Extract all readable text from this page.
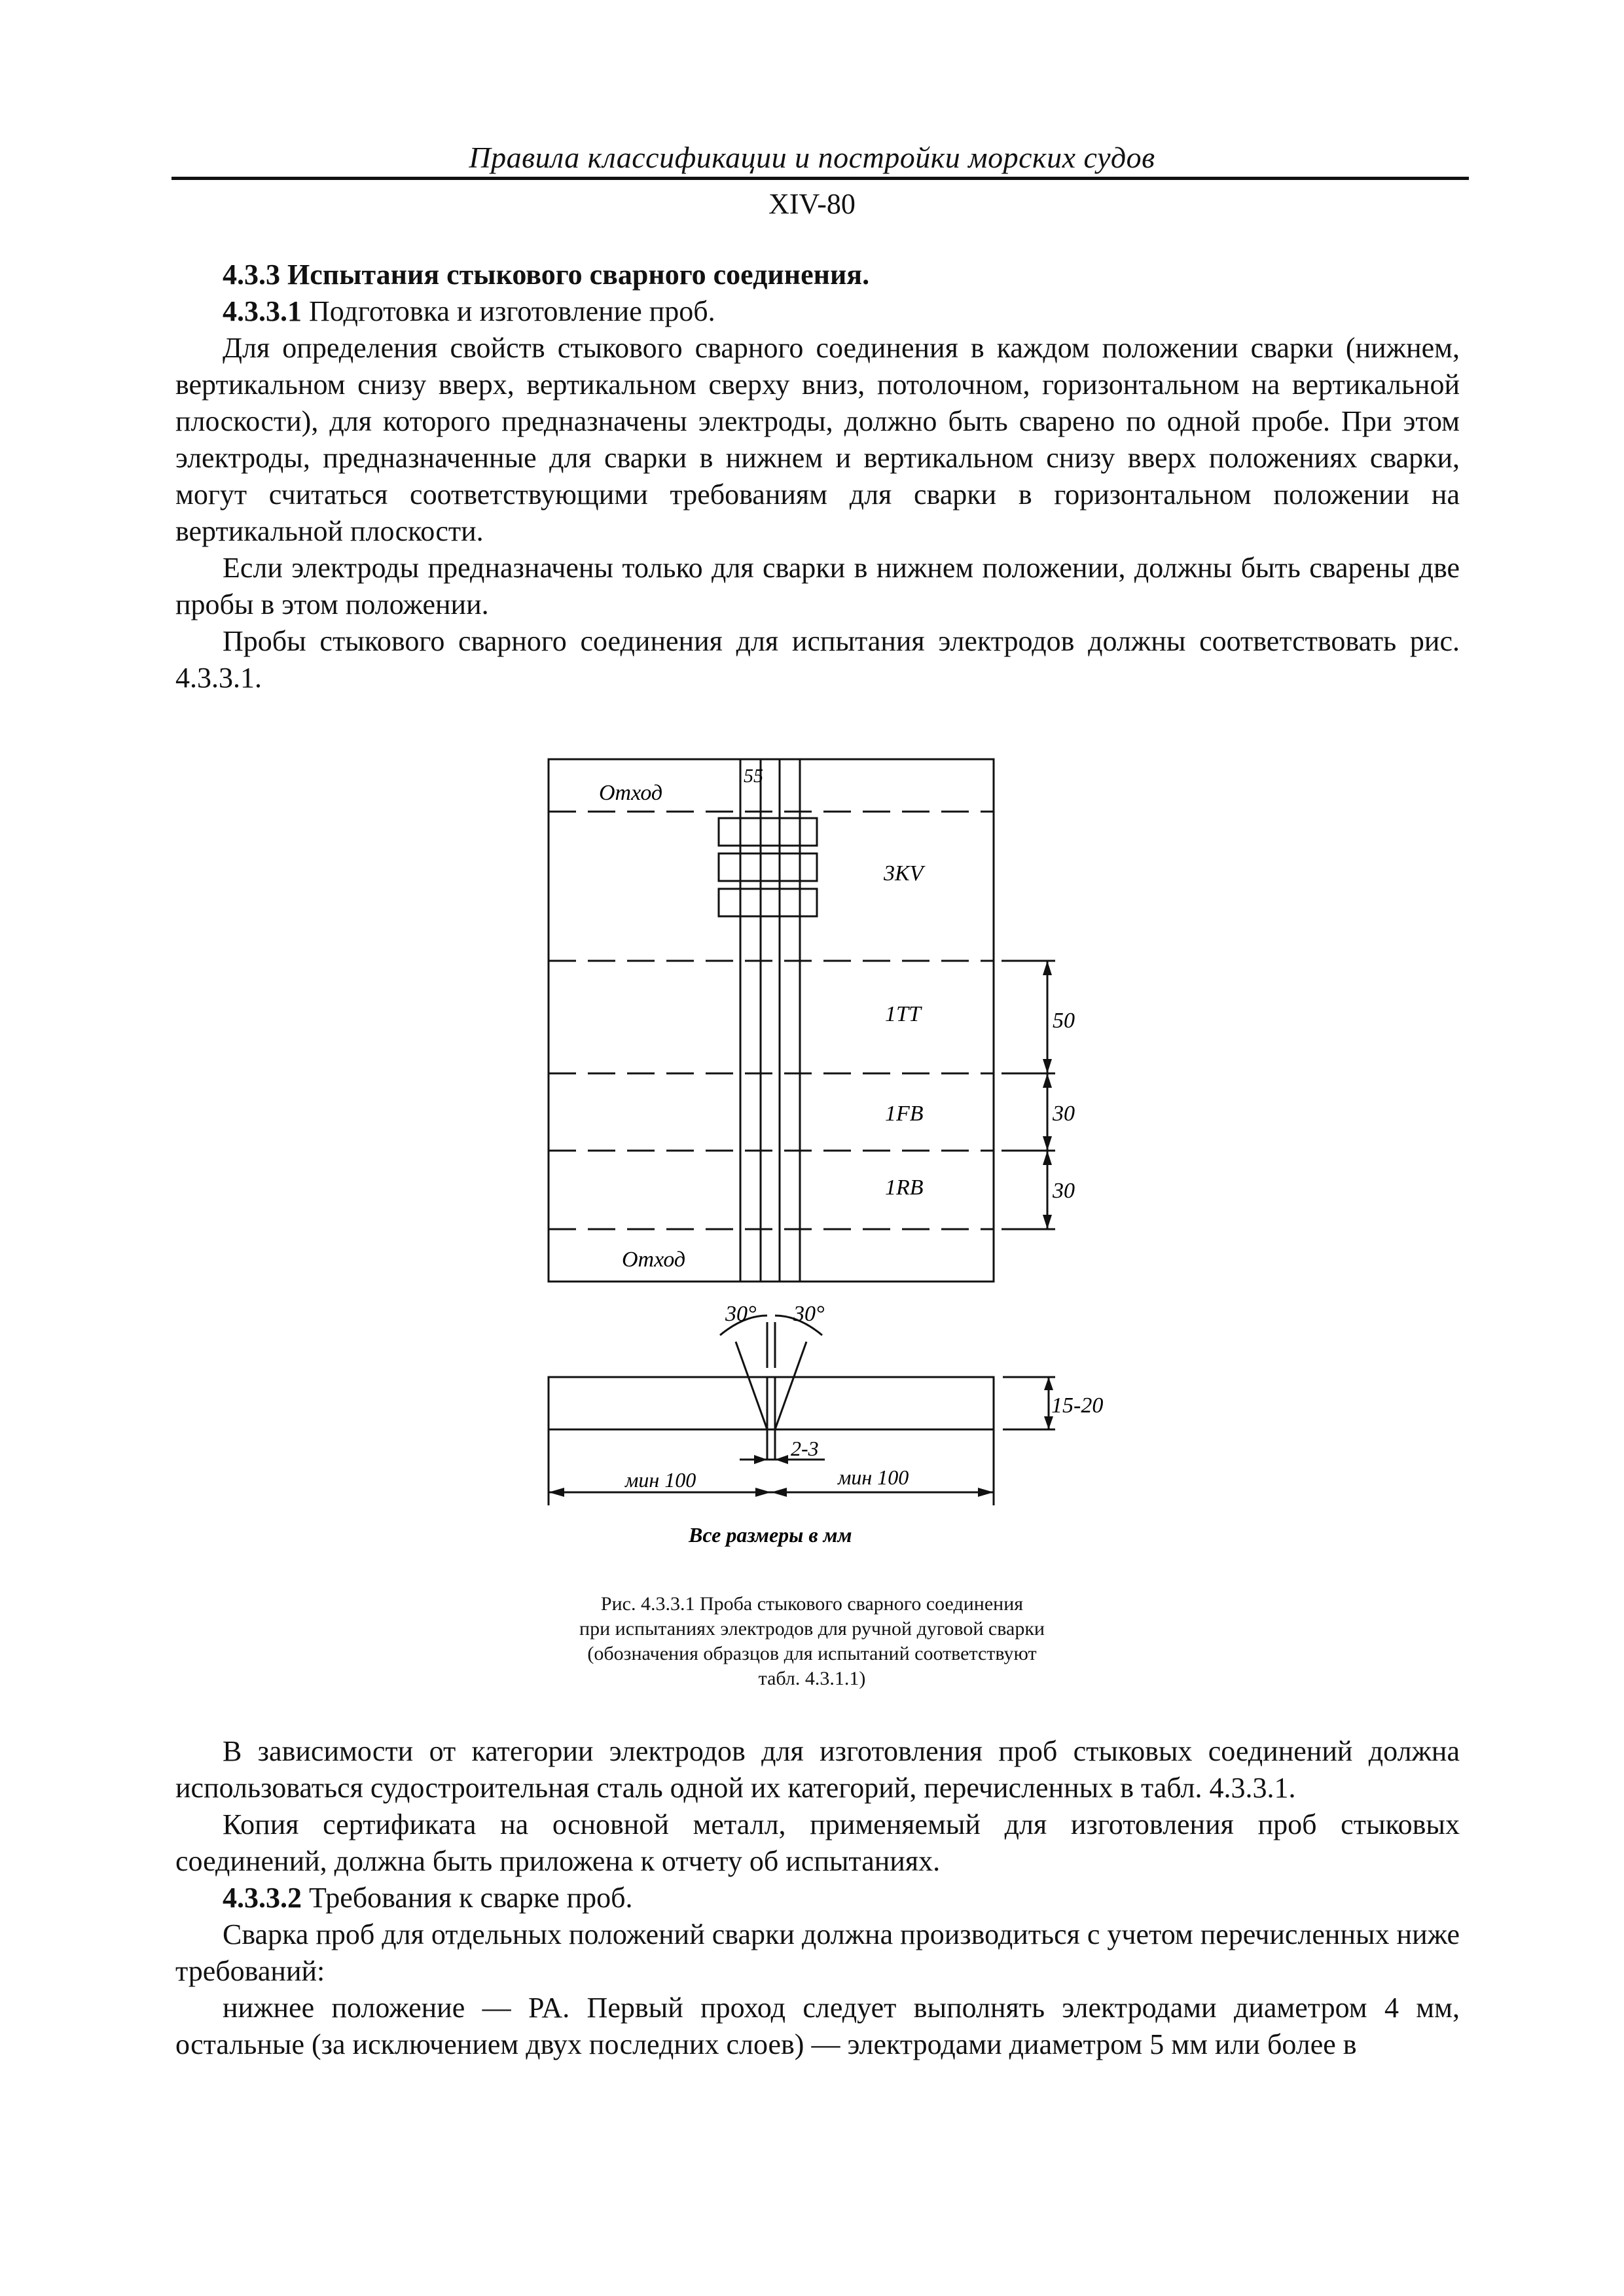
Правила классификации и постройки морских судов
XIV-80

4.3.3 Испытания стыкового сварного соединения.

4.3.3.1 Подготовка и изготовление проб.

Для определения свойств стыкового сварного соединения в каждом положении сварки (нижнем, вертикальном снизу вверх, вертикальном сверху вниз, потолочном, горизонтальном на вертикальной плоскости), для которого предназначены электроды, должно быть сварено по одной пробе. При этом электроды, предназначенные для сварки в нижнем и вертикальном снизу вверх положениях сварки, могут считаться соответствующими требованиям для сварки в горизонтальном положении на вертикальной плоскости.

Если электроды предназначены только для сварки в нижнем положении, должны быть сварены две пробы в этом положении.

Пробы стыкового сварного соединения для испытания электродов должны соответствовать рис. 4.3.3.1.

Отход
55
3KV
1TT
1FB
1RB
50
30
30
Отход
30° 30°
15-20
2-3
мин 100	мин 100
Все размеры в мм
Рис. 4.3.3.1 Проба стыкового сварного соединения
при испытаниях электродов для ручной дуговой сварки
(обозначения образцов для испытаний соответствуют
табл. 4.3.1.1)

В зависимости от категории электродов для изготовления проб стыковых соединений должна использоваться судостроительная сталь одной их категорий, перечисленных в табл. 4.3.3.1.

Копия сертификата на основной металл, применяемый для изготовления проб стыковых соединений, должна быть приложена к отчету об испытаниях.

4.3.3.2 Требования к сварке проб.

Сварка проб для отдельных положений сварки должна производиться с учетом перечисленных ниже требований:

нижнее положение — PA. Первый проход следует выполнять электродами диаметром 4 мм, остальные (за исключением двух последних слоев) — электродами диаметром 5 мм или более в
